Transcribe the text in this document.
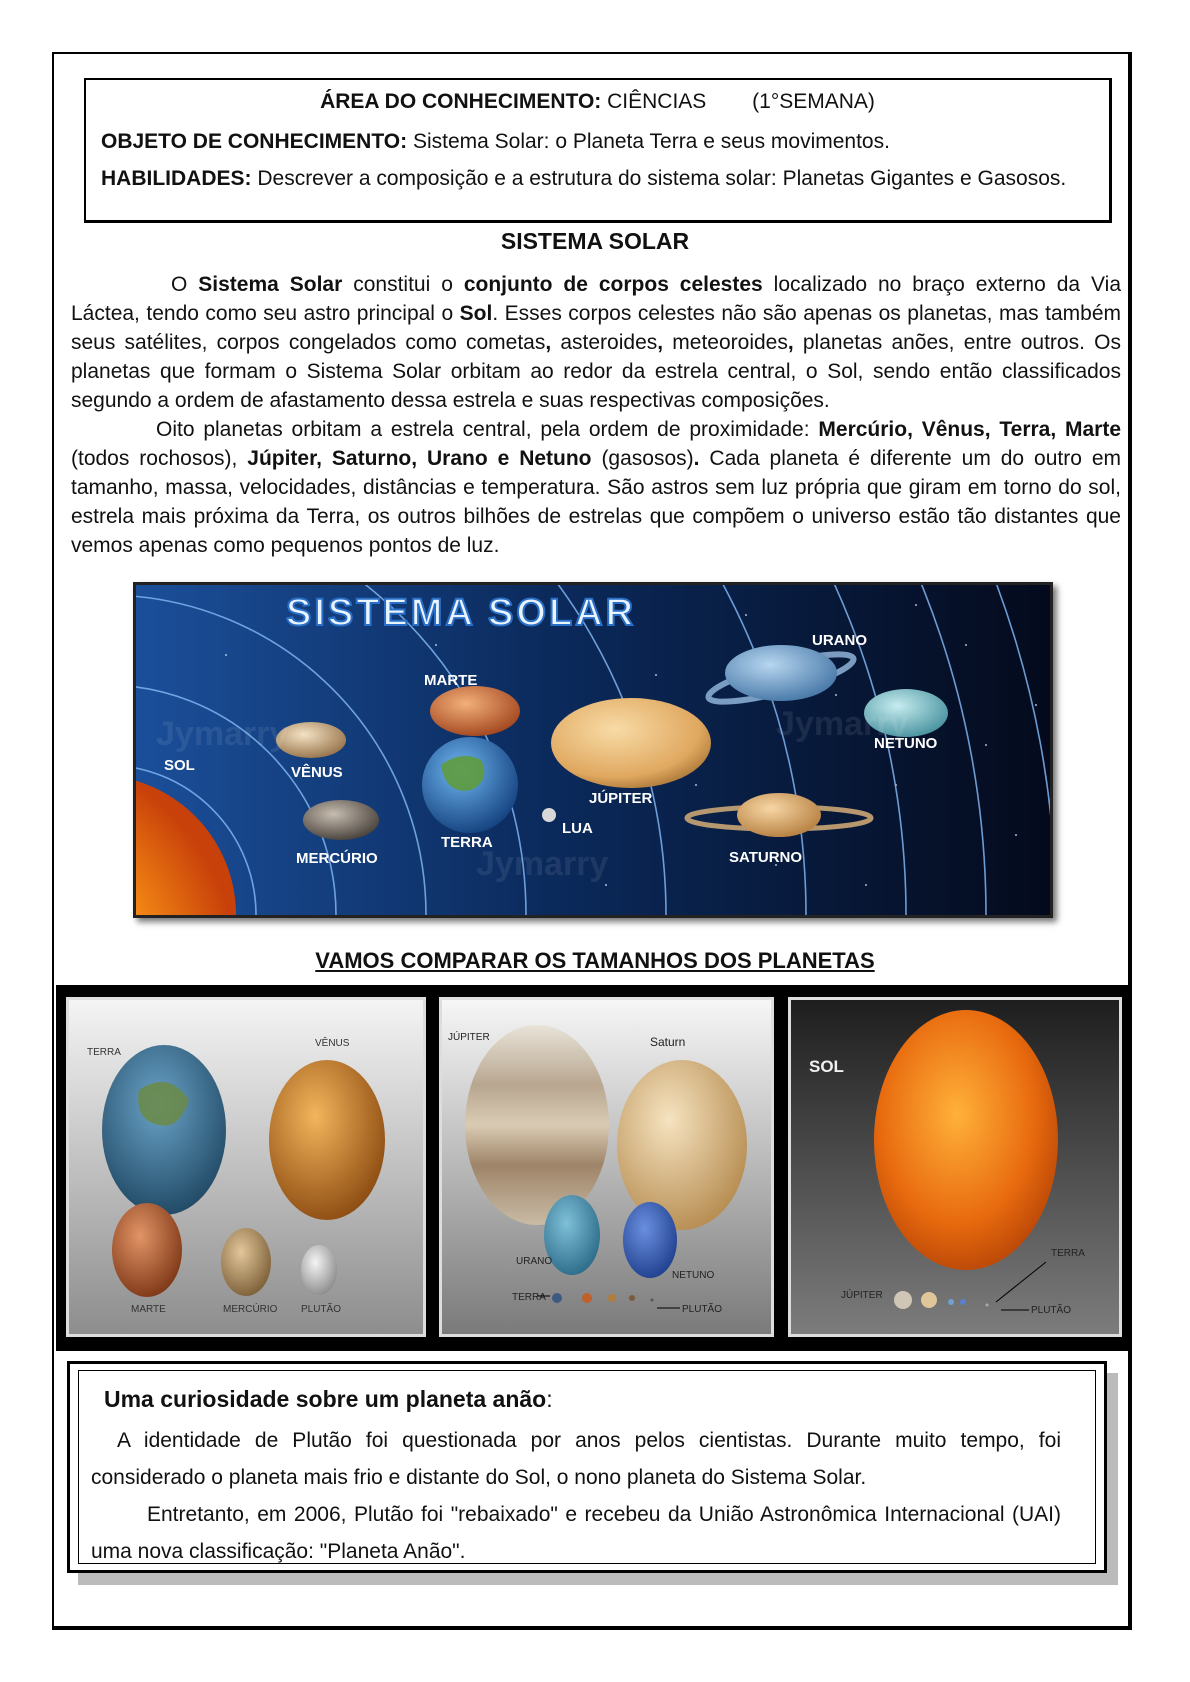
ÁREA DO CONHECIMENTO: CIÊNCIAS (1°SEMANA)
OBJETO DE CONHECIMENTO: Sistema Solar: o Planeta Terra e seus movimentos.
HABILIDADES: Descrever a composição e a estrutura do sistema solar: Planetas Gigantes e Gasosos.
SISTEMA SOLAR

O Sistema Solar constitui o conjunto de corpos celestes localizado no braço externo da Via Láctea, tendo como seu astro principal o Sol. Esses corpos celestes não são apenas os planetas, mas também seus satélites, corpos congelados como cometas, asteroides, meteoroides, planetas anões, entre outros. Os planetas que formam o Sistema Solar orbitam ao redor da estrela central, o Sol, sendo então classificados segundo a ordem de afastamento dessa estrela e suas respectivas composições.

Oito planetas orbitam a estrela central, pela ordem de proximidade: Mercúrio, Vênus, Terra, Marte (todos rochosos), Júpiter, Saturno, Urano e Netuno (gasosos). Cada planeta é diferente um do outro em tamanho, massa, velocidades, distâncias e temperatura. São astros sem luz própria que giram em torno do sol, estrela mais próxima da Terra, os outros bilhões de estrelas que compõem o universo estão tão distantes que vemos apenas como pequenos pontos de luz.

SISTEMA SOLAR
SOL	VÊNUS
MERCÚRIO
TERRA
LUA
MARTE
JÚPITER
SATURNO
URANO
NETUNO
Jymarry
Jymarry
Jymarry
VAMOS COMPARAR OS TAMANHOS DOS PLANETAS
TERRA
VÊNUS
MARTE	MERCÚRIO PLUTÃO
JÚPITER	Saturn
URANO
NETUNO
TERRA
PLUTÃO
SOL
TERRA
JÚPITER
PLUTÃO
Uma curiosidade sobre um planeta anão:

A identidade de Plutão foi questionada por anos pelos cientistas. Durante muito tempo, foi considerado o planeta mais frio e distante do Sol, o nono planeta do Sistema Solar.

Entretanto, em 2006, Plutão foi "rebaixado" e recebeu da União Astronômica Internacional (UAI) uma nova classificação: "Planeta Anão".
